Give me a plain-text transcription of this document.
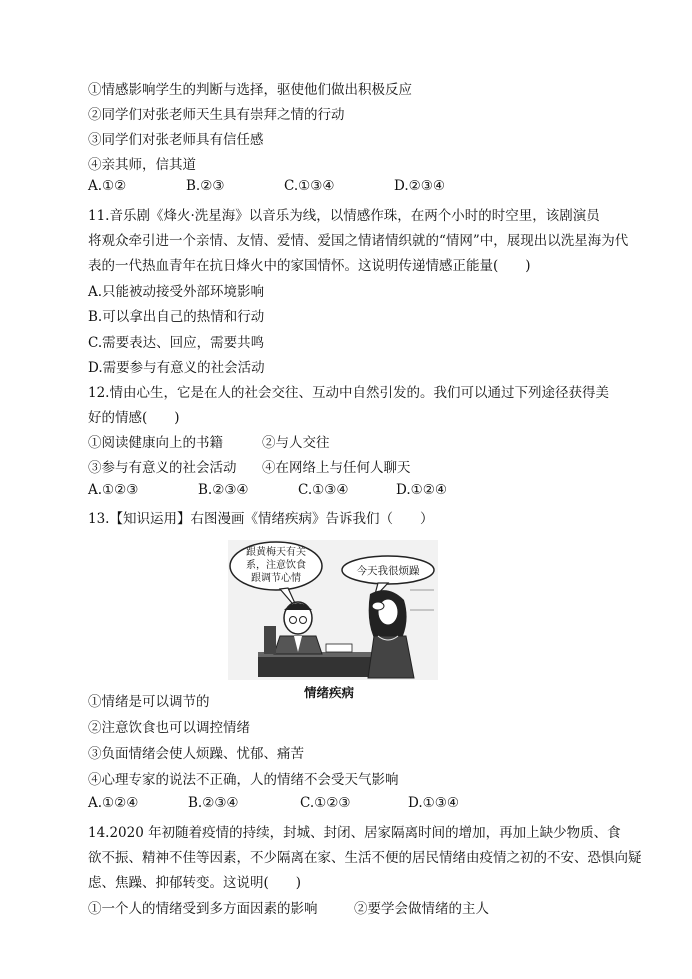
①情感影响学生的判断与选择，驱使他们做出积极反应
②同学们对张老师天生具有崇拜之情的行动
③同学们对张老师具有信任感
④亲其师，信其道
A.①②	B.②③	C.①③④	D.②③④
11.音乐剧《烽火·洗星海》以音乐为线，以情感作珠，在两个小时的时空里，该剧演员
将观众牵引进一个亲情、友情、爱情、爱国之情诸情织就的“情网”中，展现出以洗星海为代
表的一代热血青年在抗日烽火中的家国情怀。这说明传递情感正能量(　　)
A.只能被动接受外部环境影响
B.可以拿出自己的热情和行动
C.需要表达、回应，需要共鸣
D.需要参与有意义的社会活动
12.情由心生，它是在人的社会交往、互动中自然引发的。我们可以通过下列途径获得美
好的情感(　　)
①阅读健康向上的书籍	②与人交往
③参与有意义的社会活动 ④在网络上与任何人聊天
A.①②③	B.②③④	C.①③④	D.①②④
13.【知识运用】右图漫画《情绪疾病》告诉我们（　　）
跟黄梅天有关
系，注意饮食
跟调节心情
今天我很烦躁
情绪疾病
①情绪是可以调节的
②注意饮食也可以调控情绪
③负面情绪会使人烦躁、忧郁、痛苦
④心理专家的说法不正确，人的情绪不会受天气影响
A.①②④	B.②③④	C.①②③	D.①③④
14.2020 年初随着疫情的持续，封城、封闭、居家隔离时间的增加，再加上缺少物质、食
欲不振、精神不佳等因素，不少隔离在家、生活不便的居民情绪由疫情之初的不安、恐惧向疑
虑、焦躁、抑郁转变。这说明(　　)
①一个人的情绪受到多方面因素的影响	②要学会做情绪的主人
